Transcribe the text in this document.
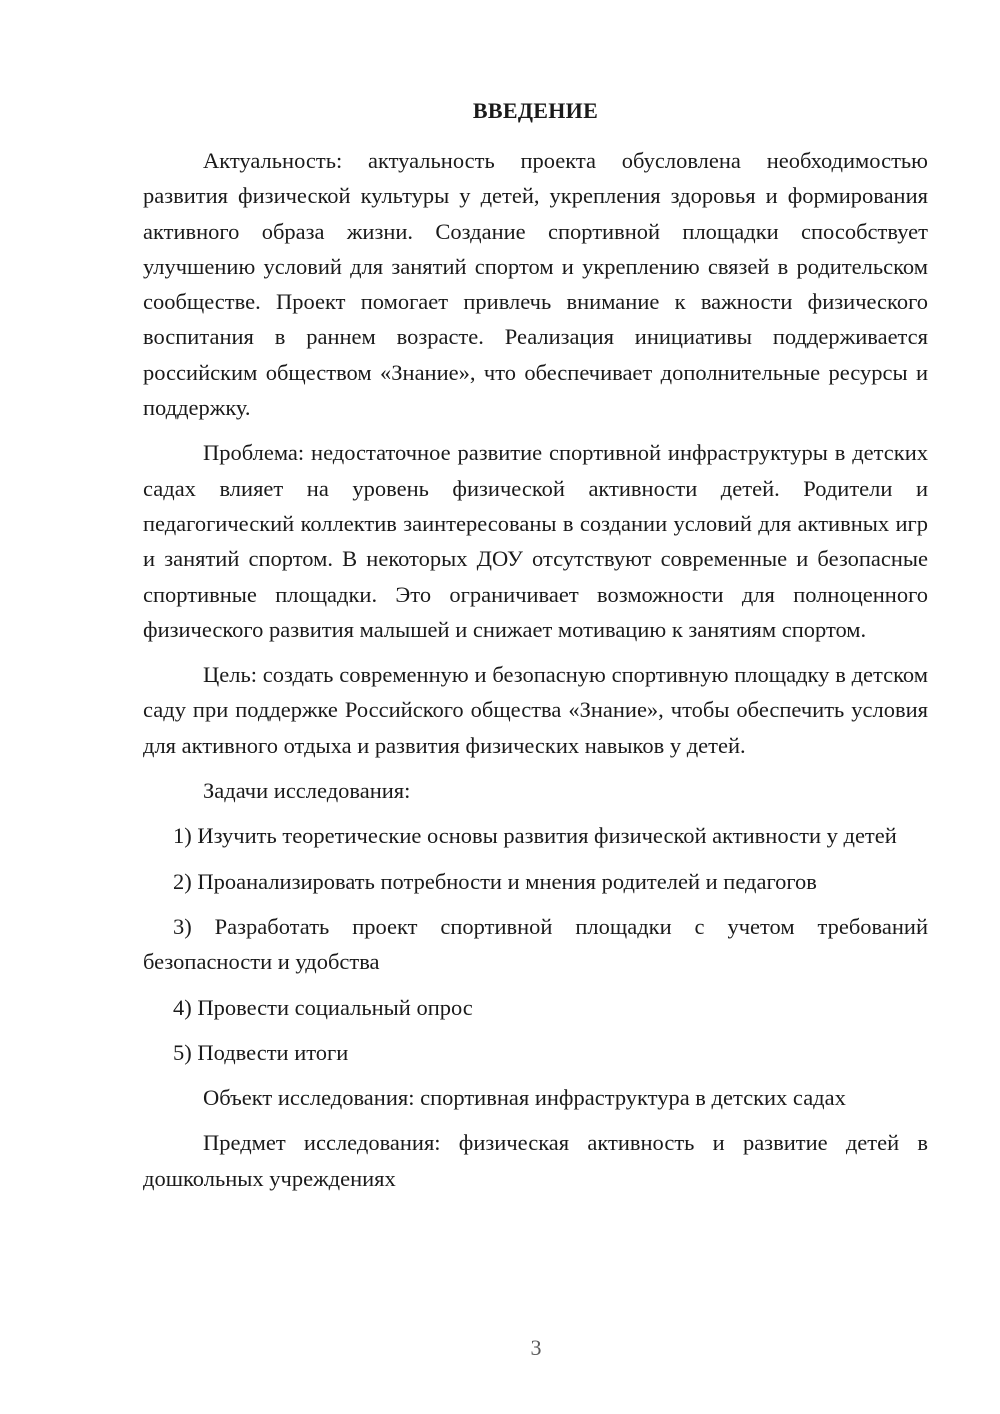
ВВЕДЕНИЕ

Актуальность: актуальность проекта обусловлена необходимостью развития физической культуры у детей, укрепления здоровья и формирования активного образа жизни. Создание спортивной площадки способствует улучшению условий для занятий спортом и укреплению связей в родительском сообществе. Проект помогает привлечь внимание к важности физического воспитания в раннем возрасте. Реализация инициативы поддерживается российским обществом «Знание», что обеспечивает дополнительные ресурсы и поддержку.

Проблема: недостаточное развитие спортивной инфраструктуры в детских садах влияет на уровень физической активности детей. Родители и педагогический коллектив заинтересованы в создании условий для активных игр и занятий спортом. В некоторых ДОУ отсутствуют современные и безопасные спортивные площадки. Это ограничивает возможности для полноценного физического развития малышей и снижает мотивацию к занятиям спортом.

Цель: создать современную и безопасную спортивную площадку в детском саду при поддержке Российского общества «Знание», чтобы обеспечить условия для активного отдыха и развития физических навыков у детей.

Задачи исследования:

1) Изучить теоретические основы развития физической активности у детей

2) Проанализировать потребности и мнения родителей и педагогов

3) Разработать проект спортивной площадки с учетом требований безопасности и удобства

4) Провести социальный опрос

5) Подвести итоги

Объект исследования: спортивная инфраструктура в детских садах

Предмет исследования: физическая активность и развитие детей в дошкольных учреждениях

3
